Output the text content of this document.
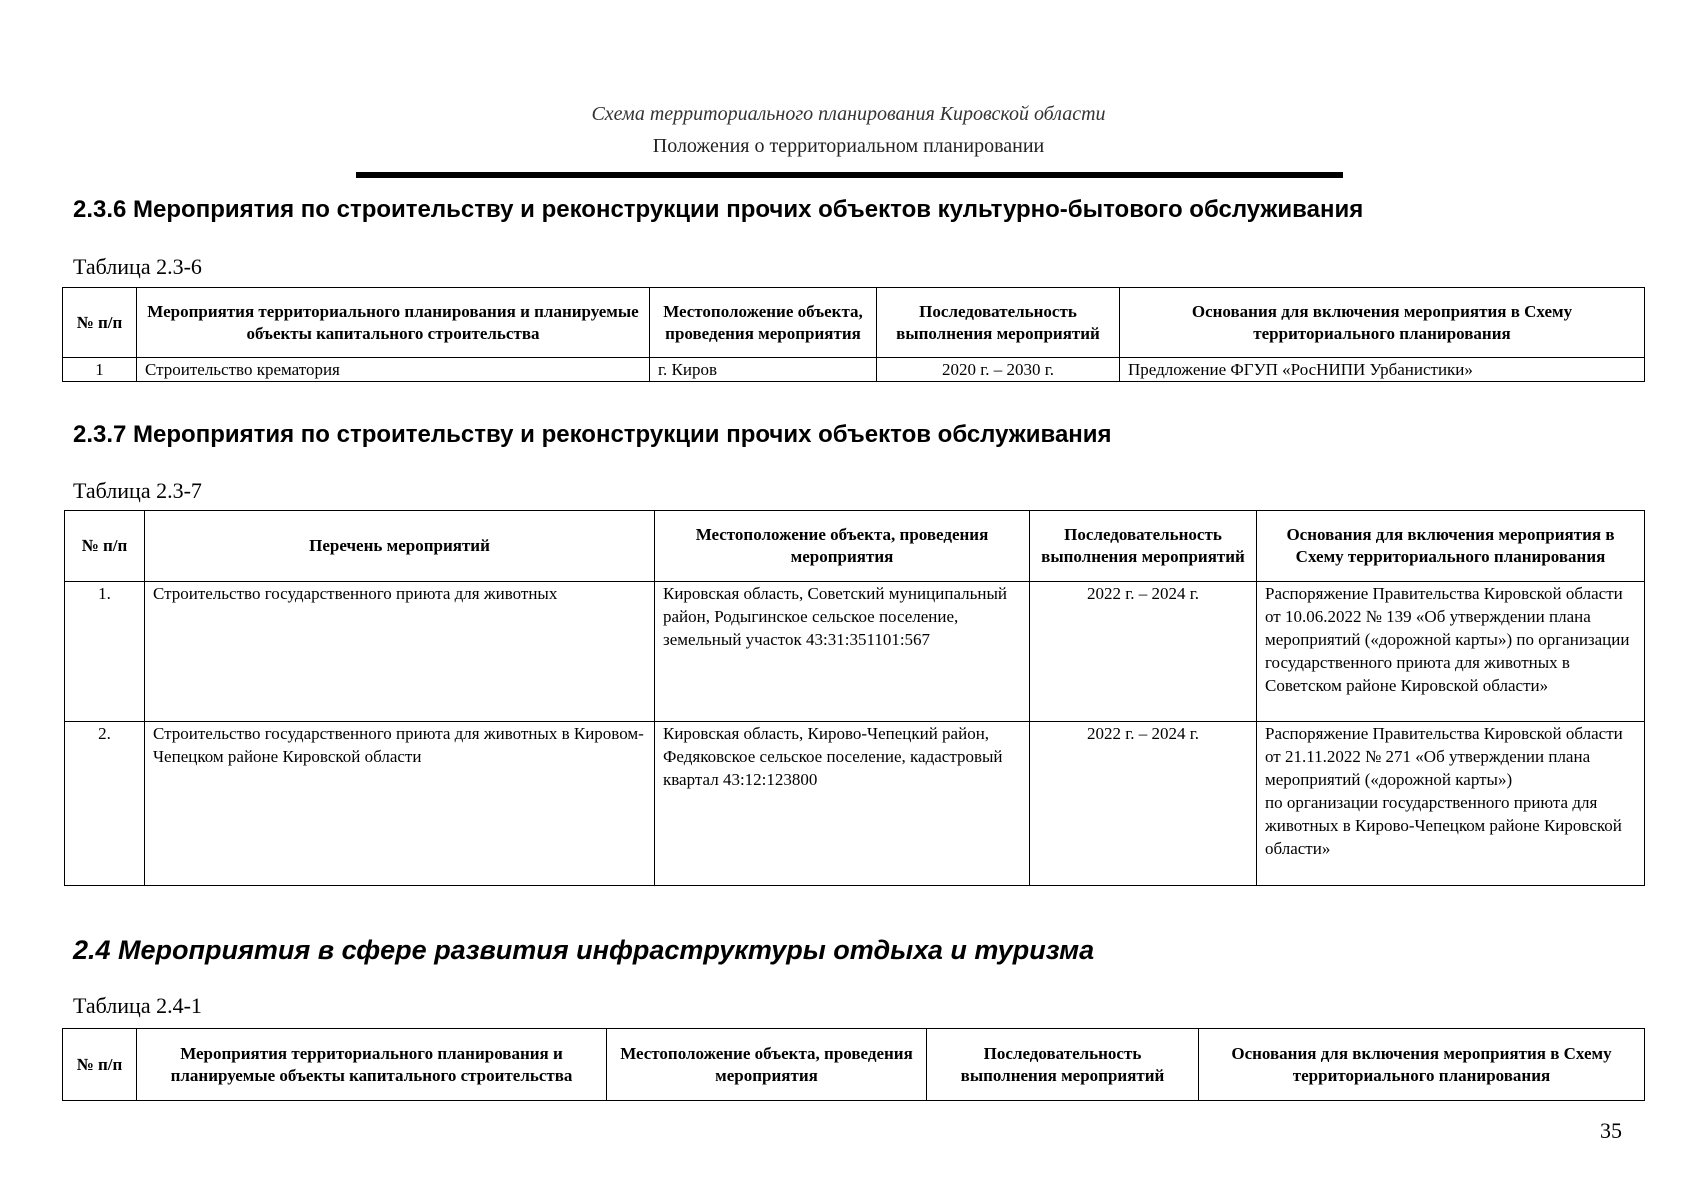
Схема территориального планирования Кировской области
Положения о территориальном планировании
2.3.6 Мероприятия по строительству и реконструкции прочих объектов культурно-бытового обслуживания
Таблица 2.3-6
№ п/п	Мероприятия территориального планирования и планируемые объекты капитального строительства	Местоположение объекта, проведения мероприятия	Последовательность выполнения мероприятий	Основания для включения мероприятия в Схему территориального планирования
1	Строительство крематория	г. Киров	2020 г. – 2030 г.	Предложение ФГУП «РосНИПИ Урбанистики»
2.3.7 Мероприятия по строительству и реконструкции прочих объектов обслуживания
Таблица 2.3-7
№ п/п	Перечень мероприятий	Местоположение объекта, проведения мероприятия	Последовательность выполнения мероприятий	Основания для включения мероприятия в Схему территориального планирования
1.	Строительство государственного приюта для животных	Кировская область, Советский муниципальный район, Родыгинское сельское поселение, земельный участок 43:31:351101:567	2022 г. – 2024 г.	Распоряжение Правительства Кировской области от 10.06.2022 № 139 «Об утверждении плана мероприятий («дорожной карты») по организации государственного приюта для животных в Советском районе Кировской области»
2.	Строительство государственного приюта для животных в Кировом-Чепецком районе Кировской области	Кировская область, Кирово-Чепецкий район, Федяковское сельское поселение, кадастровый квартал 43:12:123800	2022 г. – 2024 г.	Распоряжение Правительства Кировской области от 21.11.2022 № 271 «Об утверждении плана мероприятий («дорожной карты»)
по организации государственного приюта для животных в Кирово-Чепецком районе Кировской области»
2.4 Мероприятия в сфере развития инфраструктуры отдыха и туризма
Таблица 2.4-1
№ п/п	Мероприятия территориального планирования и планируемые объекты капитального строительства	Местоположение объекта, проведения мероприятия	Последовательность выполнения мероприятий	Основания для включения мероприятия в Схему территориального планирования
35
